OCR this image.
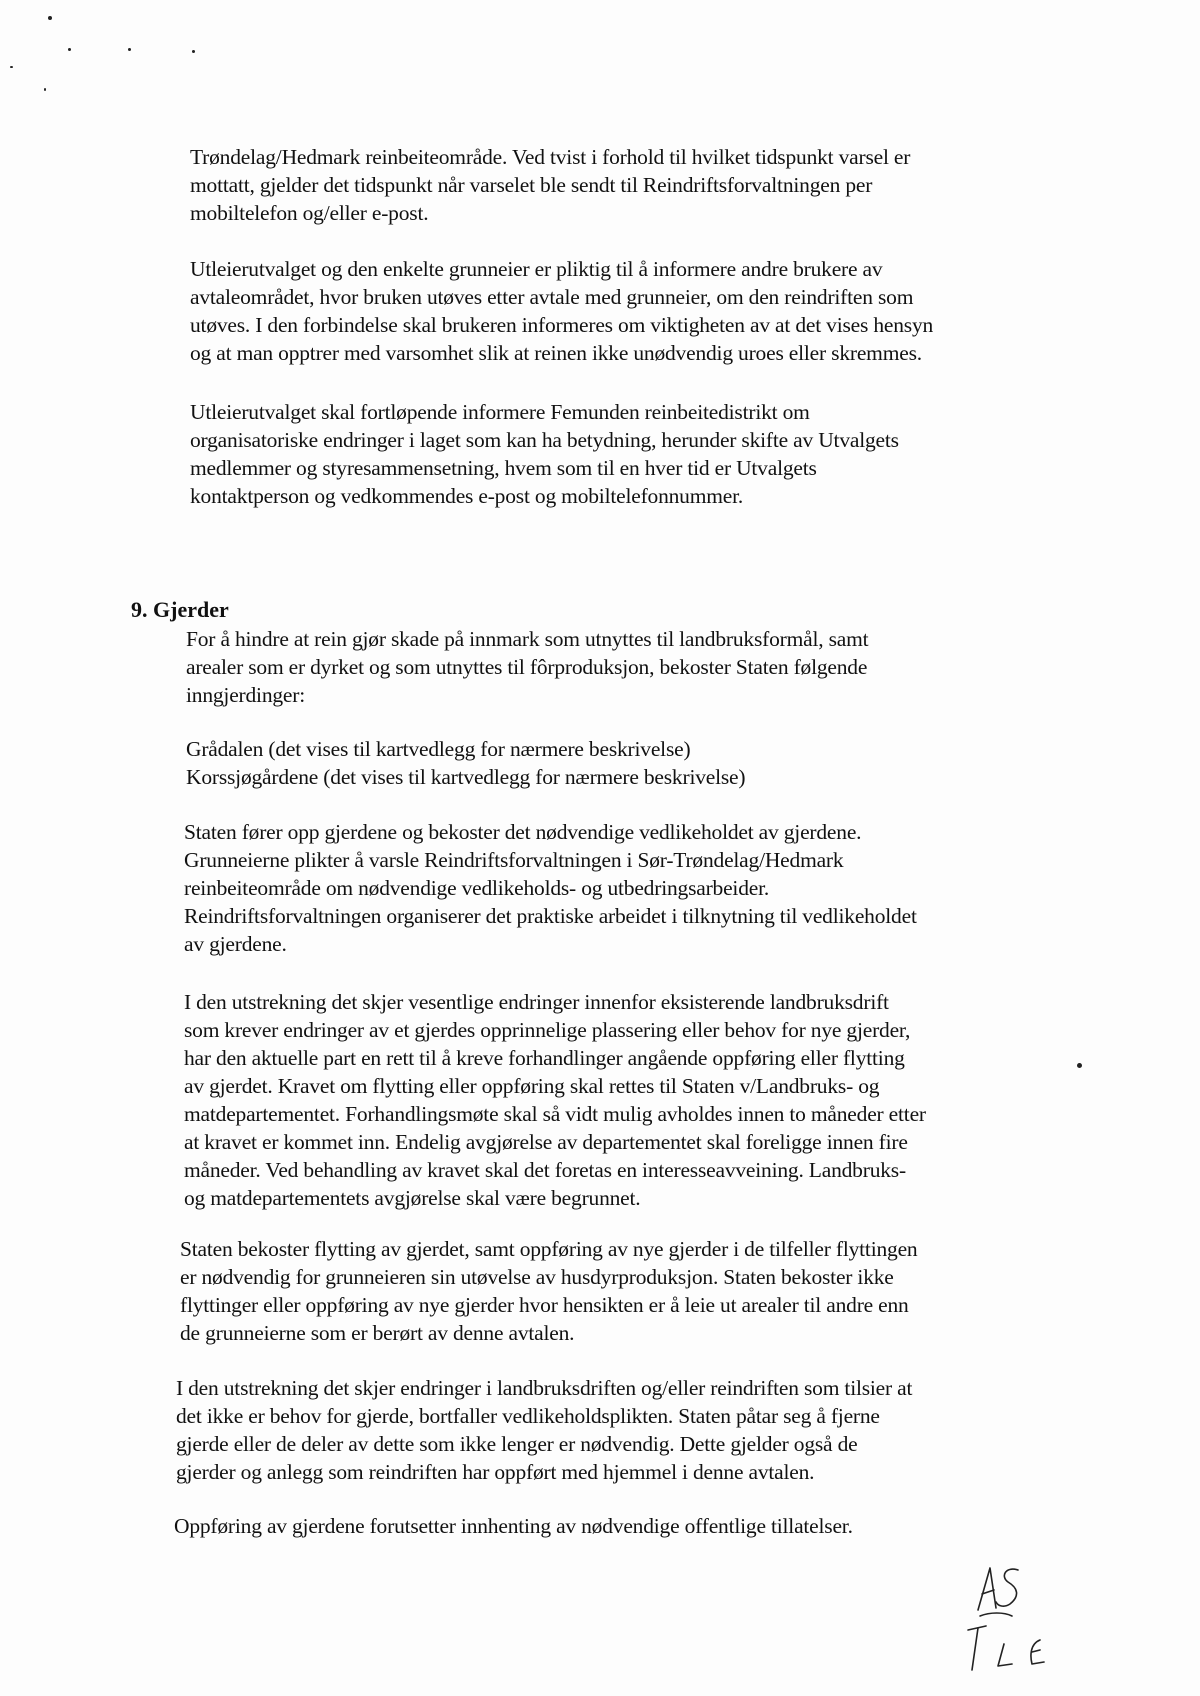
Trøndelag/Hedmark reinbeiteområde. Ved tvist i forhold til hvilket tidspunkt varsel er
mottatt, gjelder det tidspunkt når varselet ble sendt til Reindriftsforvaltningen per
mobiltelefon og/eller e-post.

Utleierutvalget og den enkelte grunneier er pliktig til å informere andre brukere av
avtaleområdet, hvor bruken utøves etter avtale med grunneier, om den reindriften som
utøves. I den forbindelse skal brukeren informeres om viktigheten av at det vises hensyn
og at man opptrer med varsomhet slik at reinen ikke unødvendig uroes eller skremmes.

Utleierutvalget skal fortløpende informere Femunden reinbeitedistrikt om
organisatoriske endringer i laget som kan ha betydning, herunder skifte av Utvalgets
medlemmer og styresammensetning, hvem som til en hver tid er Utvalgets
kontaktperson og vedkommendes e-post og mobiltelefonnummer.

9. Gjerder

For å hindre at rein gjør skade på innmark som utnyttes til landbruksformål, samt
arealer som er dyrket og som utnyttes til fôrproduksjon, bekoster Staten følgende
inngjerdinger:

Grådalen (det vises til kartvedlegg for nærmere beskrivelse)
Korssjøgårdene (det vises til kartvedlegg for nærmere beskrivelse)

Staten fører opp gjerdene og bekoster det nødvendige vedlikeholdet av gjerdene.
Grunneierne plikter å varsle Reindriftsforvaltningen i Sør-Trøndelag/Hedmark
reinbeiteområde om nødvendige vedlikeholds- og utbedringsarbeider.
Reindriftsforvaltningen organiserer det praktiske arbeidet i tilknytning til vedlikeholdet
av gjerdene.

I den utstrekning det skjer vesentlige endringer innenfor eksisterende landbruksdrift
som krever endringer av et gjerdes opprinnelige plassering eller behov for nye gjerder,
har den aktuelle part en rett til å kreve forhandlinger angående oppføring eller flytting
av gjerdet. Kravet om flytting eller oppføring skal rettes til Staten v/Landbruks- og
matdepartementet. Forhandlingsmøte skal så vidt mulig avholdes innen to måneder etter
at kravet er kommet inn. Endelig avgjørelse av departementet skal foreligge innen fire
måneder. Ved behandling av kravet skal det foretas en interesseavveining. Landbruks-
og matdepartementets avgjørelse skal være begrunnet.

Staten bekoster flytting av gjerdet, samt oppføring av nye gjerder i de tilfeller flyttingen
er nødvendig for grunneieren sin utøvelse av husdyrproduksjon. Staten bekoster ikke
flyttinger eller oppføring av nye gjerder hvor hensikten er å leie ut arealer til andre enn
de grunneierne som er berørt av denne avtalen.

I den utstrekning det skjer endringer i landbruksdriften og/eller reindriften som tilsier at
det ikke er behov for gjerde, bortfaller vedlikeholdsplikten. Staten påtar seg å fjerne
gjerde eller de deler av dette som ikke lenger er nødvendig. Dette gjelder også de
gjerder og anlegg som reindriften har oppført med hjemmel i denne avtalen.

Oppføring av gjerdene forutsetter innhenting av nødvendige offentlige tillatelser.
